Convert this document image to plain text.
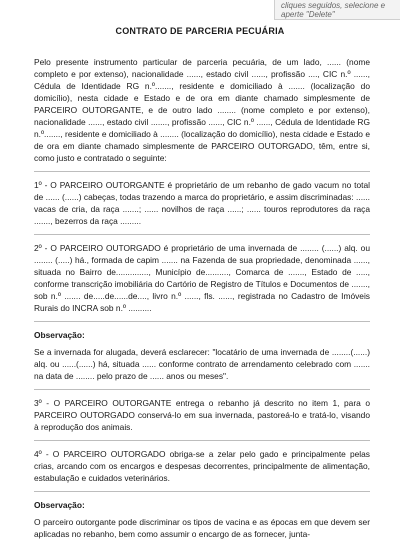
cliques seguidos, selecione e aperte "Delete"
CONTRATO DE PARCERIA PECUÁRIA

Pelo presente instrumento particular de parceria pecuária, de um lado, ...... (nome completo e por extenso), nacionalidade ......, estado civil ......, profissão ...., CIC n.º ......, Cédula de Identidade RG n.º......., residente e domiciliado à ....... (localização do domicílio), nesta cidade e Estado e de ora em diante chamado simplesmente de PARCEIRO OUTORGANTE, e de outro lado ........ (nome completo e por extenso), nacionalidade ......, estado civil ......., profissão ......, CIC n.º ......, Cédula de Identidade RG n.º......., residente e domiciliado à ........ (localização do domicílio), nesta cidade e Estado e de ora em diante chamado simplesmente de PARCEIRO OUTORGADO, têm, entre si, como justo e contratado o seguinte:

1º - O PARCEIRO OUTORGANTE é proprietário de um rebanho de gado vacum no total de ...... (......) cabeças, todas trazendo a marca do proprietário, e assim discriminadas: ...... vacas de cria, da raça .......; ...... novilhos de raça ......; ...... touros reprodutores da raça ......., bezerros da raça .........

2º - O PARCEIRO OUTORGADO é proprietário de uma invernada de ........ (......) alq. ou ........ (.....) há., formada de capim ....... na Fazenda de sua propriedade, denominada ......, situada no Bairro de.............., Município de.........., Comarca de ......., Estado de ....., conforme transcrição imobiliária do Cartório de Registro de Títulos e Documentos de ......., sob n.º ....... de.....de......de...., livro n.º ......, fls. ......, registrada no Cadastro de Imóveis Rurais do INCRA sob n.º ..........

Observação:

Se a invernada for alugada, deverá esclarecer: "locatário de uma invernada de ........(......) alq. ou ......(......) há, situada ...... conforme contrato de arrendamento celebrado com ....... na data de ........ pelo prazo de ...... anos ou meses".

3º - O PARCEIRO OUTORGANTE entrega o rebanho já descrito no item 1, para o PARCEIRO OUTORGADO conservá-lo em sua invernada, pastoreá-lo e tratá-lo, visando à reprodução dos animais.

4º - O PARCEIRO OUTORGADO obriga-se a zelar pelo gado e principalmente pelas crias, arcando com os encargos e despesas decorrentes, principalmente de alimentação, estabulação e cuidados veterinários.

Observação:

O parceiro outorgante pode discriminar os tipos de vacina e as épocas em que devem ser aplicadas no rebanho, bem como assumir o encargo de as fornecer, junta-
